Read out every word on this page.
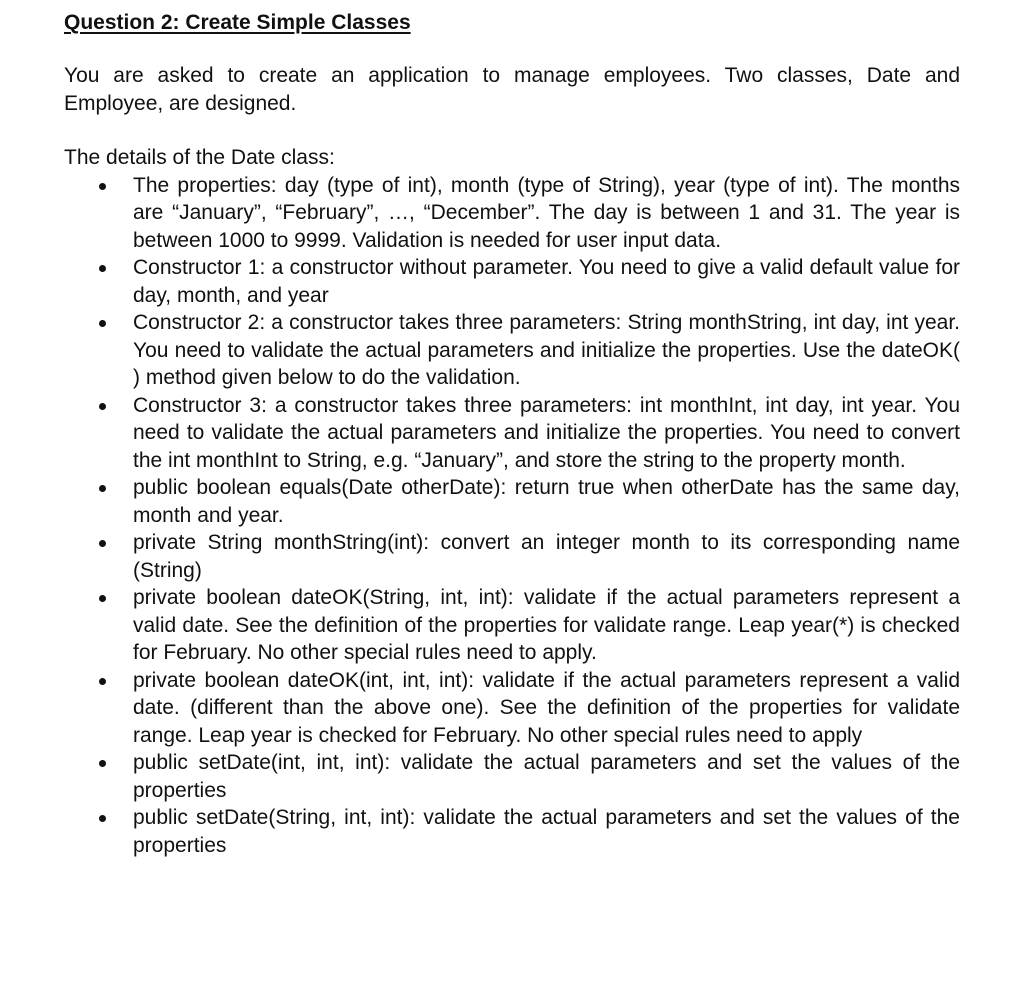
Question 2: Create Simple Classes

You are asked to create an application to manage employees. Two classes, Date and Employee, are designed.

The details of the Date class:

The properties: day (type of int), month (type of String), year (type of int). The months are “January”, “February”, …, “December”. The day is between 1 and 31. The year is between 1000 to 9999. Validation is needed for user input data.
Constructor 1: a constructor without parameter. You need to give a valid default value for day, month, and year
Constructor 2: a constructor takes three parameters: String monthString, int day, int year. You need to validate the actual parameters and initialize the properties. Use the dateOK( ) method given below to do the validation.
Constructor 3: a constructor takes three parameters: int monthInt, int day, int year. You need to validate the actual parameters and initialize the properties. You need to convert the int monthInt to String, e.g. “January”, and store the string to the property month.
public boolean equals(Date otherDate): return true when otherDate has the same day, month and year.
private String monthString(int): convert an integer month to its corresponding name (String)
private boolean dateOK(String, int, int): validate if the actual parameters represent a valid date. See the definition of the properties for validate range. Leap year(*) is checked for February. No other special rules need to apply.
private boolean dateOK(int, int, int): validate if the actual parameters represent a valid date. (different than the above one). See the definition of the properties for validate range. Leap year is checked for February. No other special rules need to apply
public setDate(int, int, int): validate the actual parameters and set the values of the properties
public setDate(String, int, int): validate the actual parameters and set the values of the properties
